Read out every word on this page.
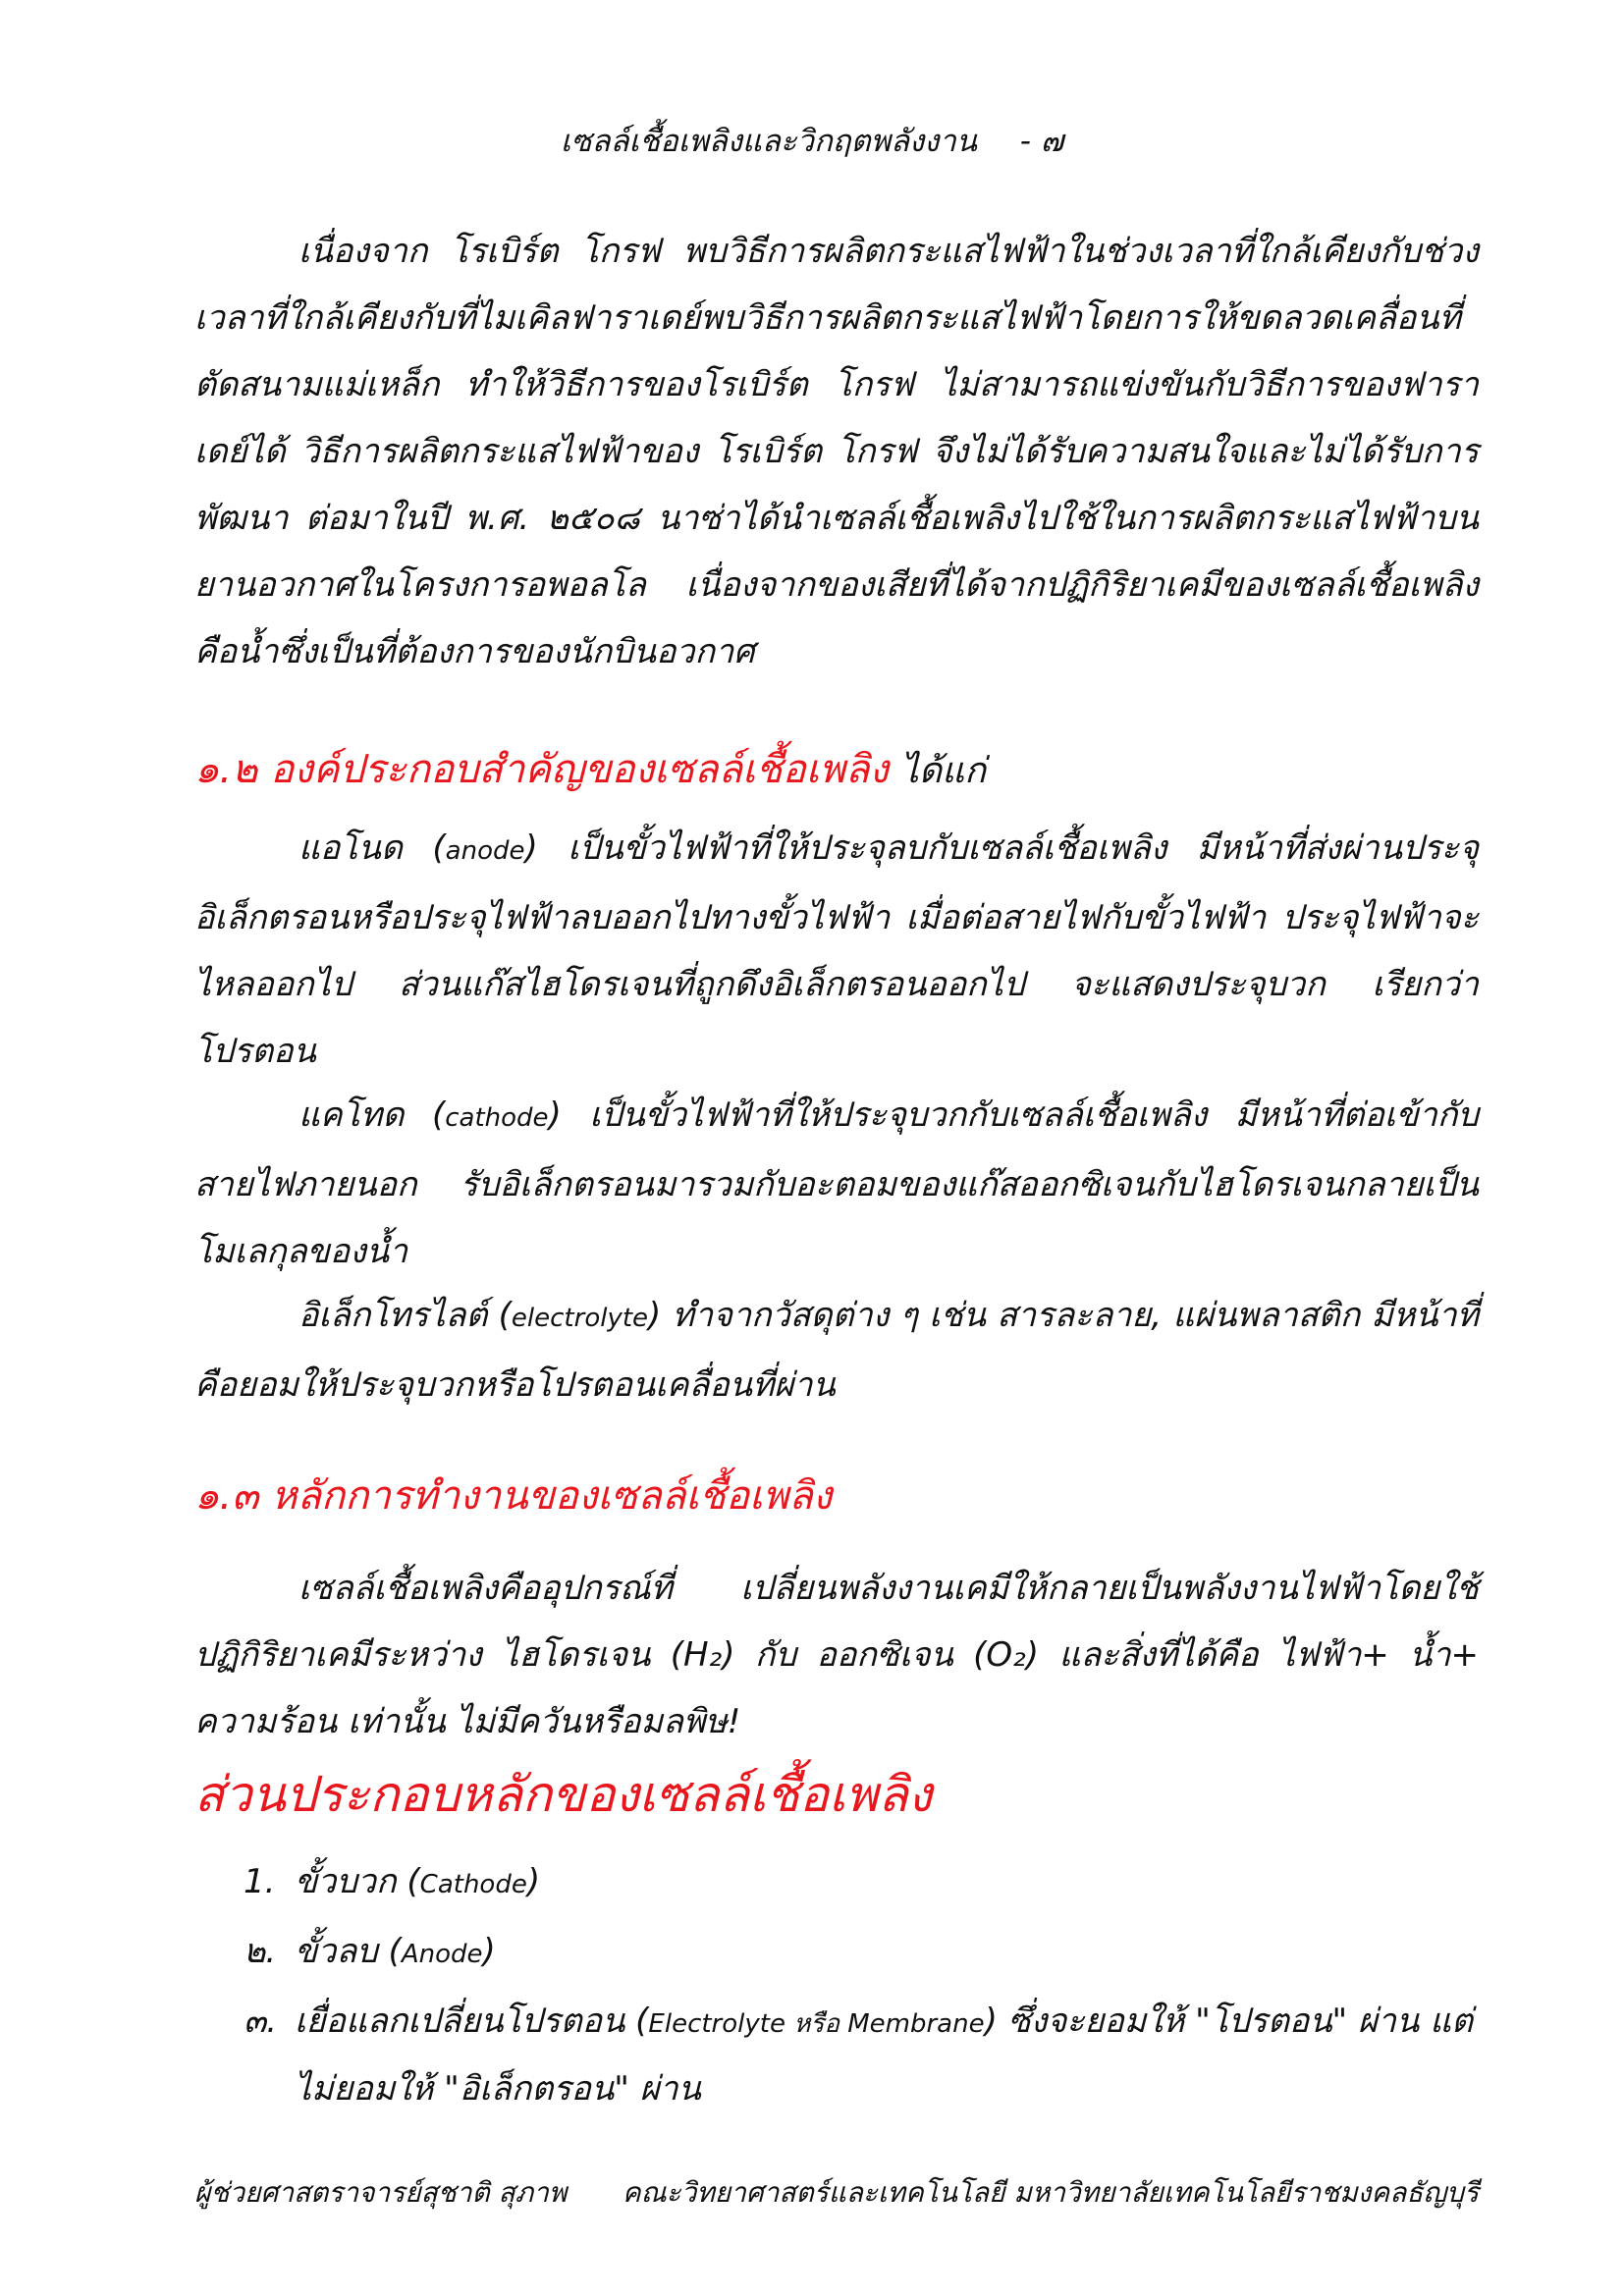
เซลล์เชื้อเพลิงและวิกฤตพลังงาน - ๗

เนื่องจาก โรเบิร์ต โกรฟ พบวิธีการผลิตกระแสไฟฟ้าในช่วงเวลาที่ใกล้เคียงกับช่วงเวลาที่ใกล้เคียงกับที่ไมเคิลฟาราเดย์พบวิธีการผลิตกระแสไฟฟ้าโดยการให้ขดลวดเคลื่อนที่ตัดสนามแม่เหล็ก ทำให้วิธีการของโรเบิร์ต โกรฟ ไม่สามารถแข่งขันกับวิธีการของฟาราเดย์ได้ วิธีการผลิตกระแสไฟฟ้าของ โรเบิร์ต โกรฟ จึงไม่ได้รับความสนใจและไม่ได้รับการพัฒนา ต่อมาในปี พ.ศ. ๒๕๐๘ นาซ่าได้นำเซลล์เชื้อเพลิงไปใช้ในการผลิตกระแสไฟฟ้าบนยานอวกาศในโครงการอพอลโล เนื่องจากของเสียที่ได้จากปฏิกิริยาเคมีของเซลล์เชื้อเพลิง คือน้ำซึ่งเป็นที่ต้องการของนักบินอวกาศ

๑.๒ องค์ประกอบสำคัญของเซลล์เชื้อเพลิง ได้แก่

แอโนด (anode) เป็นขั้วไฟฟ้าที่ให้ประจุลบกับเซลล์เชื้อเพลิง มีหน้าที่ส่งผ่านประจุอิเล็กตรอนหรือประจุไฟฟ้าลบออกไปทางขั้วไฟฟ้า เมื่อต่อสายไฟกับขั้วไฟฟ้า ประจุไฟฟ้าจะไหลออกไป ส่วนแก๊สไฮโดรเจนที่ถูกดึงอิเล็กตรอนออกไป จะแสดงประจุบวก เรียกว่าโปรตอน

แคโทด (cathode) เป็นขั้วไฟฟ้าที่ให้ประจุบวกกับเซลล์เชื้อเพลิง มีหน้าที่ต่อเข้ากับสายไฟภายนอก รับอิเล็กตรอนมารวมกับอะตอมของแก๊สออกซิเจนกับไฮโดรเจนกลายเป็นโมเลกุลของน้ำ

อิเล็กโทรไลต์ (electrolyte) ทำจากวัสดุต่าง ๆ เช่น สารละลาย, แผ่นพลาสติก มีหน้าที่คือยอมให้ประจุบวกหรือโปรตอนเคลื่อนที่ผ่าน

๑.๓ หลักการทำงานของเซลล์เชื้อเพลิง

เซลล์เชื้อเพลิงคืออุปกรณ์ที่ เปลี่ยนพลังงานเคมีให้กลายเป็นพลังงานไฟฟ้าโดยใช้ปฏิกิริยาเคมีระหว่าง ไฮโดรเจน (H₂) กับ ออกซิเจน (O₂) และสิ่งที่ได้คือ ไฟฟ้า+ น้ำ+ ความร้อน เท่านั้น ไม่มีควันหรือมลพิษ!

ส่วนประกอบหลักของเซลล์เชื้อเพลิง

1. ขั้วบวก (Cathode)
๒. ขั้วลบ (Anode)
๓. เยื่อแลกเปลี่ยนโปรตอน (Electrolyte หรือ Membrane) ซึ่งจะยอมให้ "โปรตอน" ผ่าน แต่ไม่ยอมให้ "อิเล็กตรอน" ผ่าน
ผู้ช่วยศาสตราจารย์สุชาติ สุภาพ คณะวิทยาศาสตร์และเทคโนโลยี มหาวิทยาลัยเทคโนโลยีราชมงคลธัญบุรี
